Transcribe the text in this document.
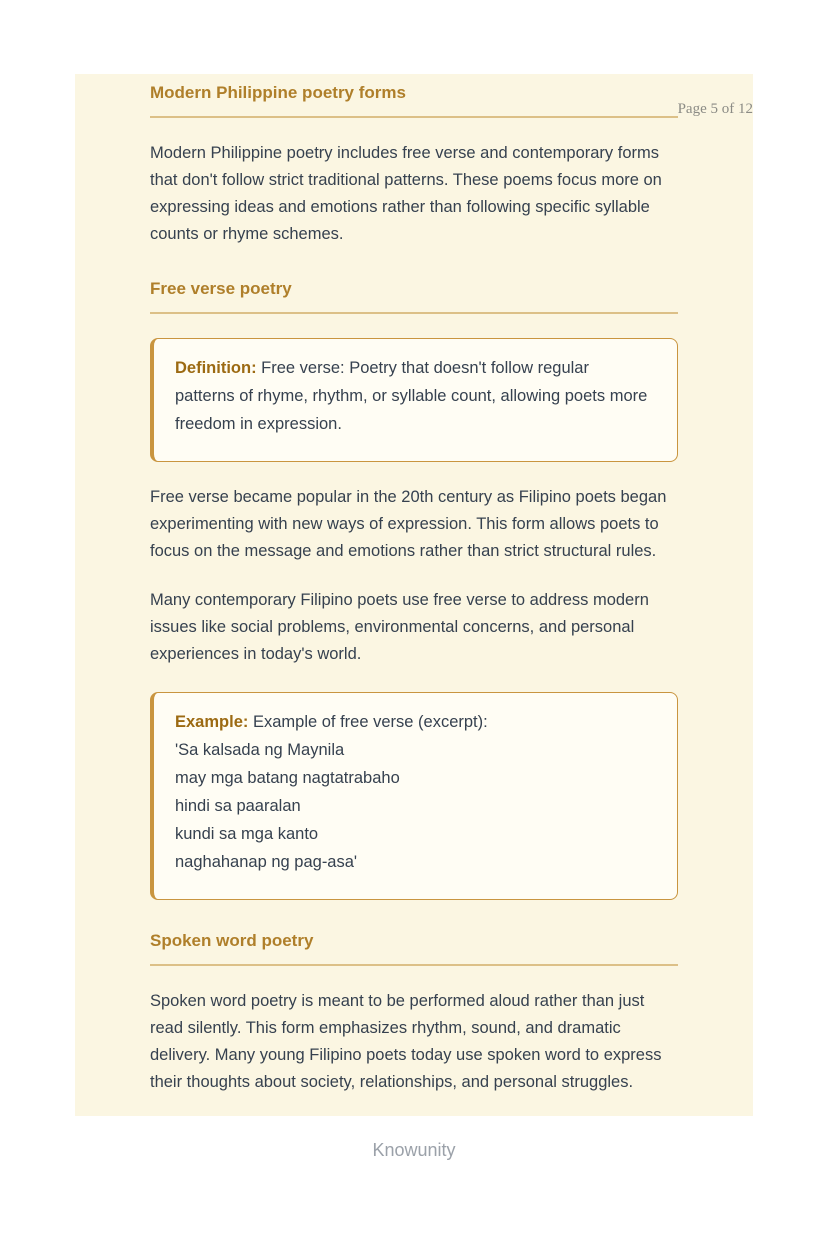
Page 5 of 12
Modern Philippine poetry forms

Modern Philippine poetry includes free verse and contemporary forms that don't follow strict traditional patterns. These poems focus more on expressing ideas and emotions rather than following specific syllable counts or rhyme schemes.

Free verse poetry

Definition: Free verse: Poetry that doesn't follow regular patterns of rhyme, rhythm, or syllable count, allowing poets more freedom in expression.

Free verse became popular in the 20th century as Filipino poets began experimenting with new ways of expression. This form allows poets to focus on the message and emotions rather than strict structural rules.

Many contemporary Filipino poets use free verse to address modern issues like social problems, environmental concerns, and personal experiences in today's world.

Example: Example of free verse (excerpt):

'Sa kalsada ng Maynila

may mga batang nagtatrabaho

hindi sa paaralan

kundi sa mga kanto

naghahanap ng pag-asa'

Spoken word poetry

Spoken word poetry is meant to be performed aloud rather than just read silently. This form emphasizes rhythm, sound, and dramatic delivery. Many young Filipino poets today use spoken word to express their thoughts about society, relationships, and personal struggles.

Knowunity
